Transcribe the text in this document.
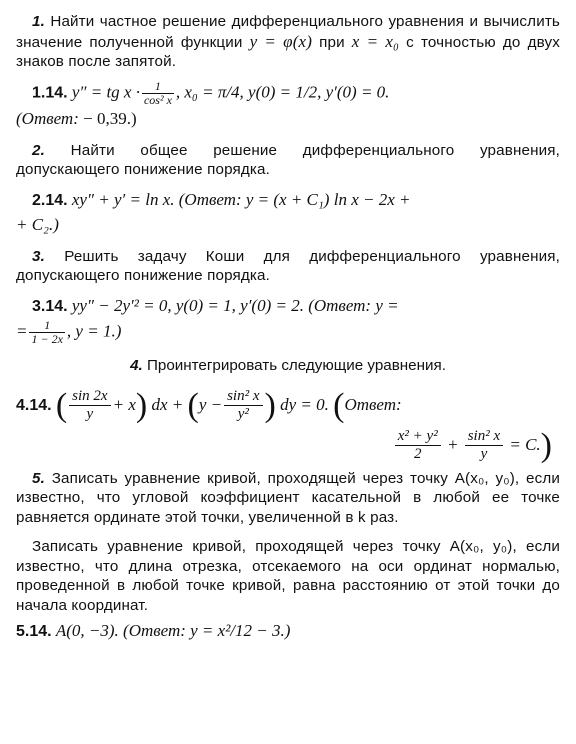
1. Найти частное решение дифференциального уравнения и вычислить значение полученной функции y = φ(x) при x = x₀ с точностью до двух знаков после запятой.

1.14. y″ = tg $x \cdot \frac{1}{\text{cos² x}}$ , x₀ = π/4, y(0) = 1/2, y′(0) = 0.
(Ответ: − 0,39.)

2. Найти общее решение дифференциального уравнения, допускающего понижение порядка.

2.14. xy″ + y′ = ln x. (Ответ: y = (x + C₁) ln x − 2x +
+ C₂.)

3. Решить задачу Коши для дифференциального уравнения, допускающего понижение порядка.

3.14. yy″ − 2y′² = 0, y(0) = 1, y′(0) = 2. (Ответ: y =
= $\frac{1}{1 - 2x}$ , y = 1.)

4. Проинтегрировать следующие уравнения.

4.14. ( $\frac{\sin 2x}{y} + x$) dx + ($y - \frac{\text{sin² x}}{\text{y²}}$ ) dy = 0. (Ответ:
$\frac{\text{x² + y²}}{2} + \frac{\text{sin² x}}{y} = C$.)

5. Записать уравнение кривой, проходящей через точку A(x₀, y₀), если известно, что угловой коэффициент касательной в любой ее точке равняется ординате этой точки, увеличенной в k раз.

Записать уравнение кривой, проходящей через точку A(x₀, y₀), если известно, что длина отрезка, отсекаемого на оси ординат нормалью, проведенной в любой точке кривой, равна расстоянию от этой точки до начала координат.

5.14. A(0, −3). (Ответ: y = x²/12 − 3.)
